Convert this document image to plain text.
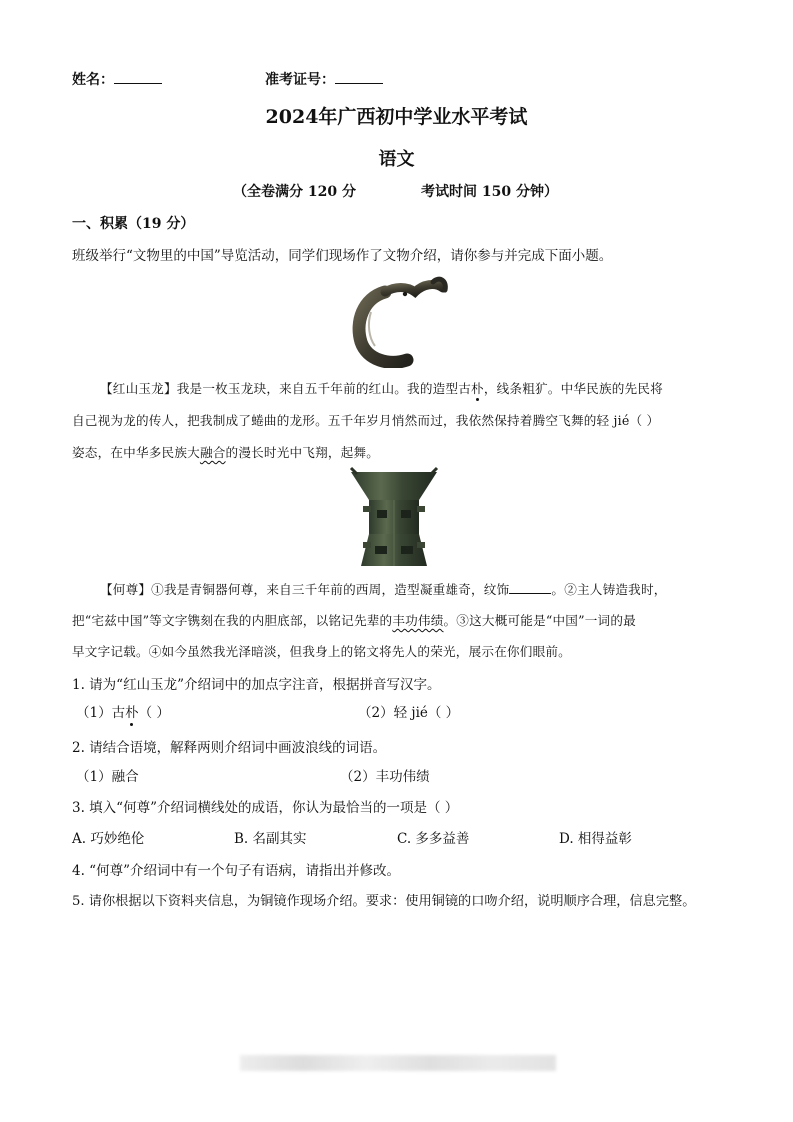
姓名：	准考证号：
2024年广西初中学业水平考试
语文
（全卷满分 120 分	考试时间 150 分钟）
一、积累（19 分）
班级举行“文物里的中国”导览活动，同学们现场作了文物介绍，请你参与并完成下面小题。
【红山玉龙】我是一枚玉龙玦，来自五千年前的红山。我的造型古朴，线条粗犷。中华民族的先民将
自己视为龙的传人，把我制成了蜷曲的龙形。五千年岁月悄然而过，我依然保持着腾空飞舞的轻 jié（ ）
姿态，在中华多民族大融合的漫长时光中飞翔，起舞。
【何尊】①我是青铜器何尊，来自三千年前的西周，造型凝重雄奇，纹饰	。②主人铸造我时，
把“宅兹中国”等文字镌刻在我的内胆底部，以铭记先辈的丰功伟绩。③这大概可能是“中国”一词的最
早文字记载。④如今虽然我光泽暗淡，但我身上的铭文将先人的荣光，展示在你们眼前。
1. 请为“红山玉龙”介绍词中的加点字注音，根据拼音写汉字。
（1）古朴（ ）	（2）轻 jié（ ）
2. 请结合语境，解释两则介绍词中画波浪线的词语。
（1）融合	（2）丰功伟绩
3. 填入“何尊”介绍词横线处的成语，你认为最恰当的一项是（ ）
A. 巧妙绝伦	B. 名副其实	C. 多多益善	D. 相得益彰
4. “何尊”介绍词中有一个句子有语病，请指出并修改。
5. 请你根据以下资料夹信息，为铜镜作现场介绍。要求：使用铜镜的口吻介绍，说明顺序合理，信息完整。
